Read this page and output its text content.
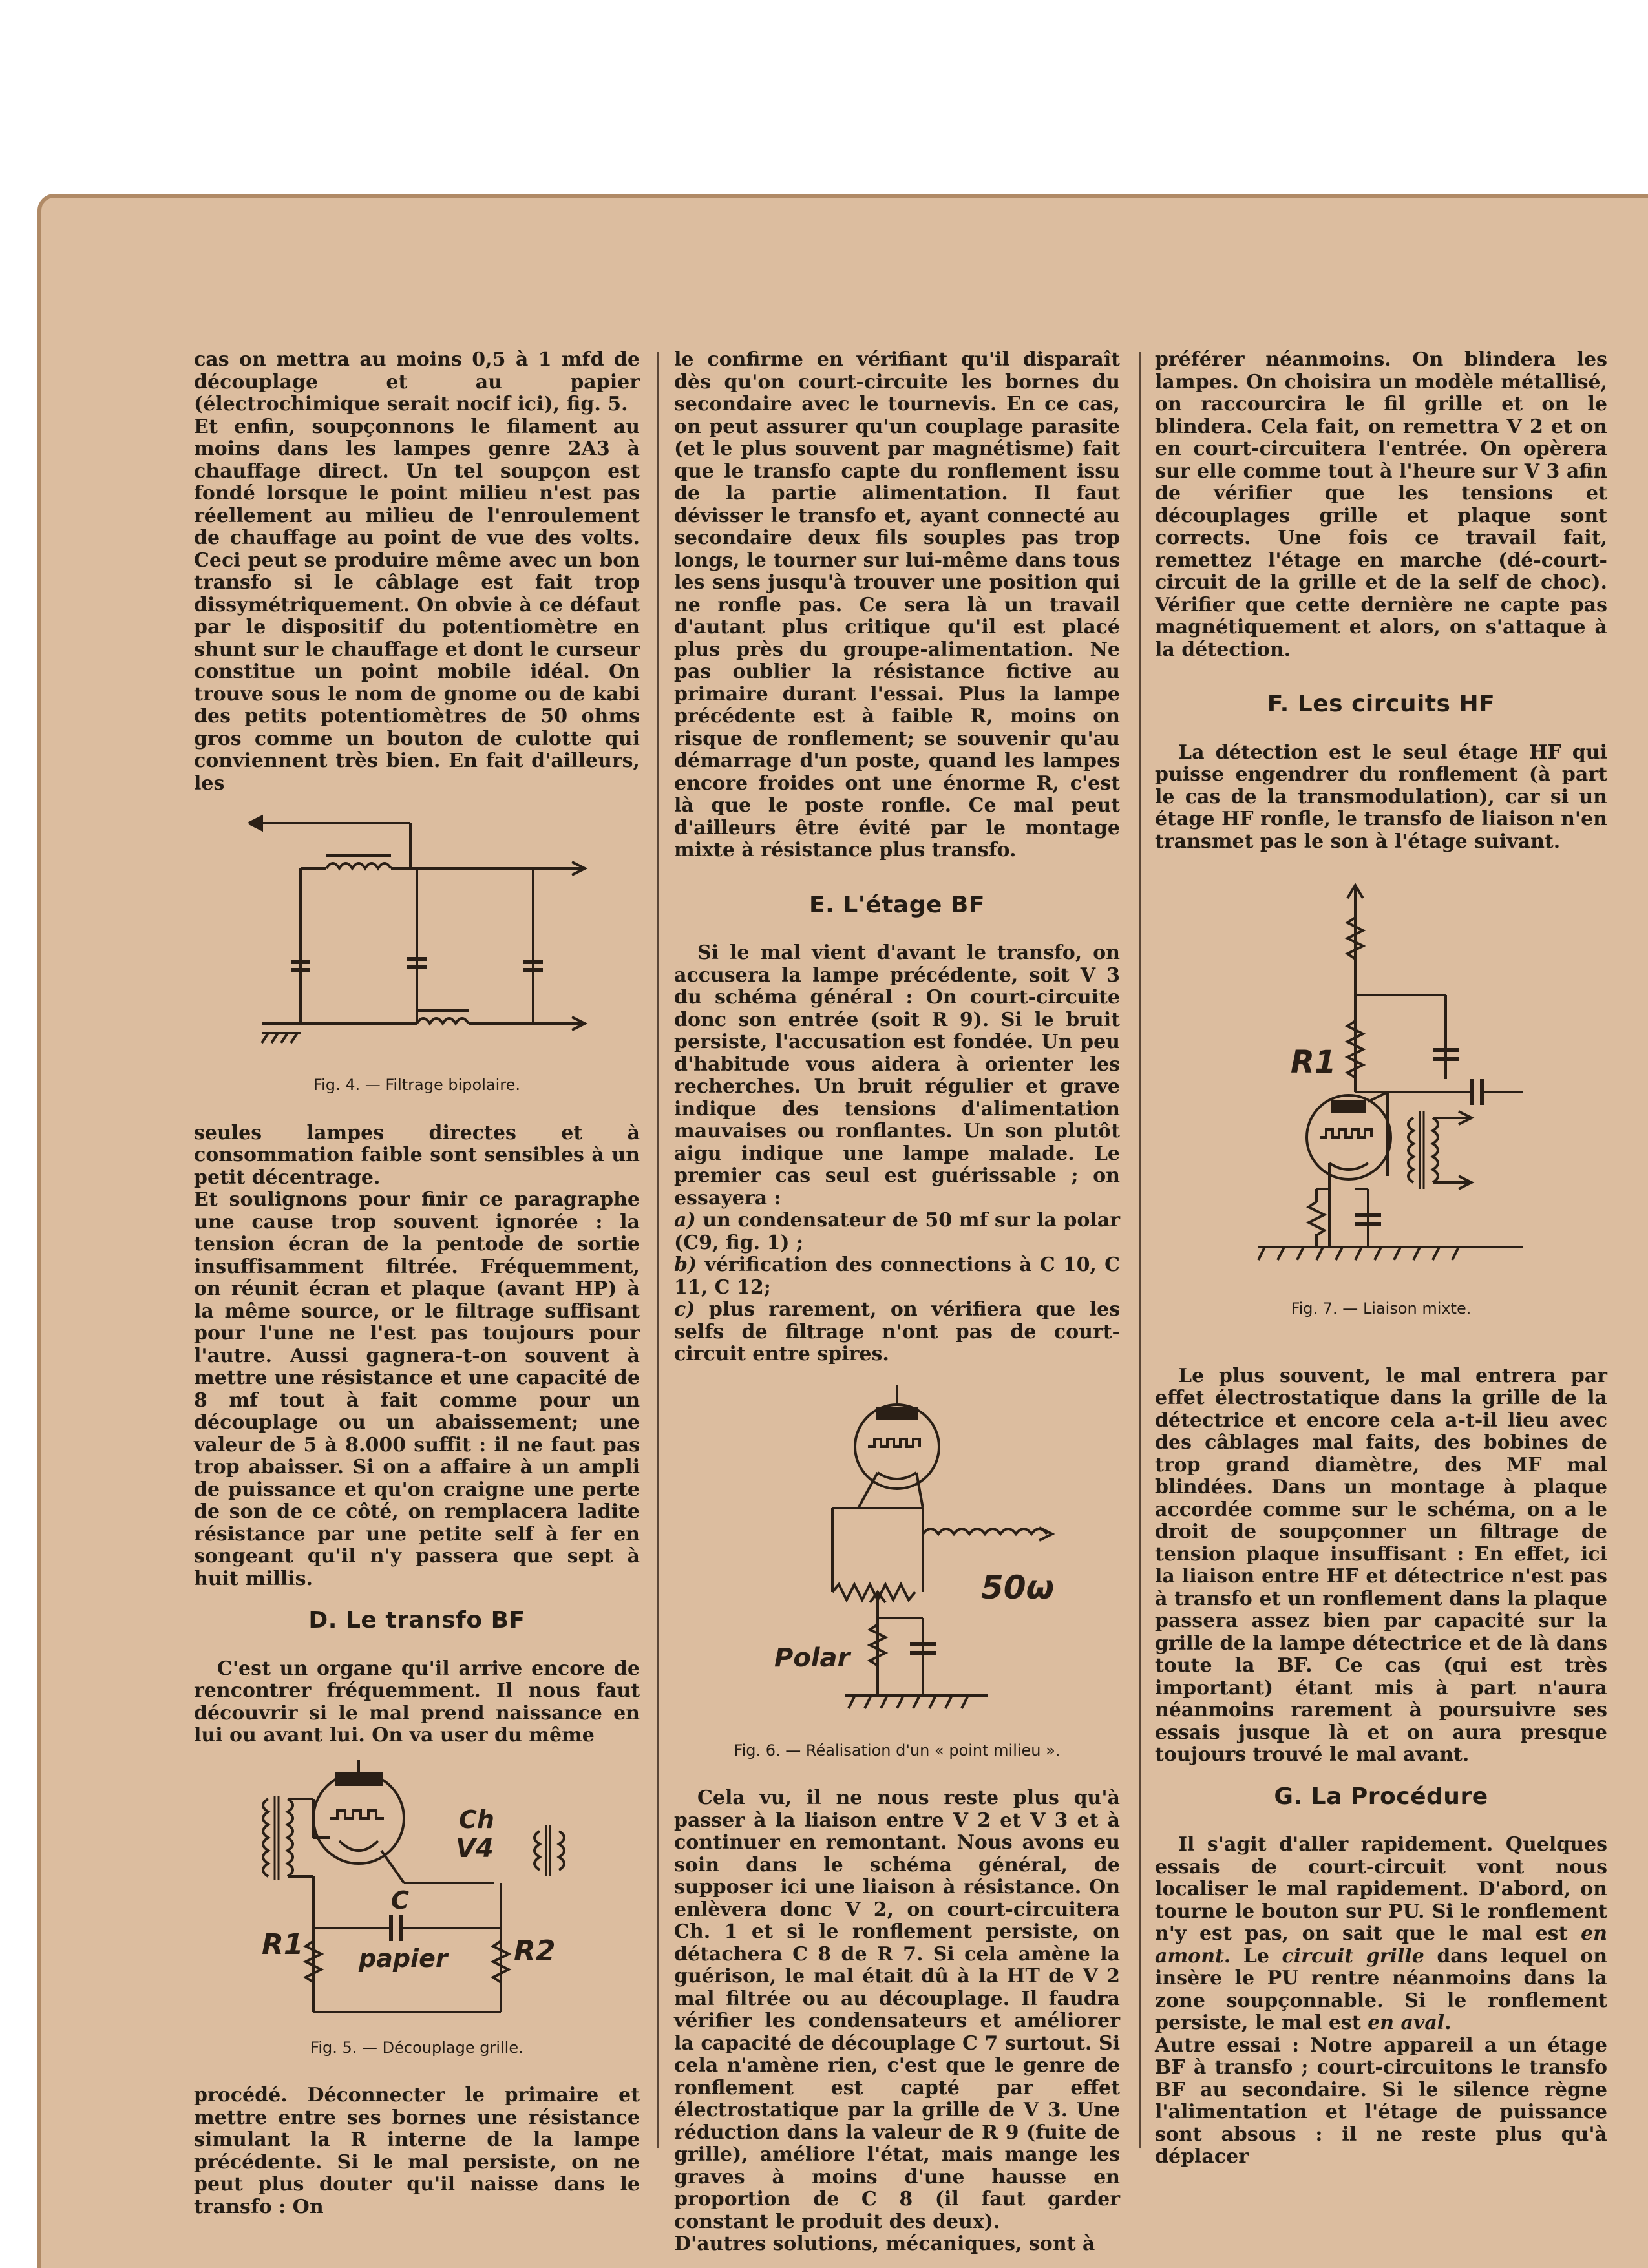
cas on mettra au moins 0,5 à 1 mfd de découplage et au papier (électrochimique serait nocif ici), fig. 5.

Et enfin, soupçonnons le filament au moins dans les lampes genre 2A3 à chauffage direct. Un tel soupçon est fondé lorsque le point milieu n'est pas réellement au milieu de l'enroulement de chauffage au point de vue des volts. Ceci peut se produire même avec un bon transfo si le câblage est fait trop dissymétriquement. On obvie à ce défaut par le dispositif du potentiomètre en shunt sur le chauffage et dont le curseur constitue un point mobile idéal. On trouve sous le nom de gnome ou de kabi des petits potentiomètres de 50 ohms gros comme un bouton de culotte qui conviennent très bien. En fait d'ailleurs, les

Fig. 4. — Filtrage bipolaire.

seules lampes directes et à consommation faible sont sensibles à un petit décentrage.

Et soulignons pour finir ce paragraphe une cause trop souvent ignorée : la tension écran de la pentode de sortie insuffisamment filtrée. Fréquemment, on réunit écran et plaque (avant HP) à la même source, or le filtrage suffisant pour l'une ne l'est pas toujours pour l'autre. Aussi gagnera-t-on souvent à mettre une résistance et une capacité de 8 mf tout à fait comme pour un découplage ou un abaissement; une valeur de 5 à 8.000 suffit : il ne faut pas trop abaisser. Si on a affaire à un ampli de puissance et qu'on craigne une perte de son de ce côté, on remplacera ladite résistance par une petite self à fer en songeant qu'il n'y passera que sept à huit millis.

D. Le transfo BF

C'est un organe qu'il arrive encore de rencontrer fréquemment. Il nous faut découvrir si le mal prend naissance en lui ou avant lui. On va user du même

R1	R2
C
papier
Ch
V4
Fig. 5. — Découplage grille.

procédé. Déconnecter le primaire et mettre entre ses bornes une résistance simulant la R interne de la lampe précédente. Si le mal persiste, on ne peut plus douter qu'il naisse dans le transfo : On

le confirme en vérifiant qu'il disparaît dès qu'on court-circuite les bornes du secondaire avec le tournevis. En ce cas, on peut assurer qu'un couplage parasite (et le plus souvent par magnétisme) fait que le transfo capte du ronflement issu de la partie alimentation. Il faut dévisser le transfo et, ayant connecté au secondaire deux fils souples pas trop longs, le tourner sur lui-même dans tous les sens jusqu'à trouver une position qui ne ronfle pas. Ce sera là un travail d'autant plus critique qu'il est placé plus près du groupe-alimentation. Ne pas oublier la résistance fictive au primaire durant l'essai. Plus la lampe précédente est à faible R, moins on risque de ronflement; se souvenir qu'au démarrage d'un poste, quand les lampes encore froides ont une énorme R, c'est là que le poste ronfle. Ce mal peut d'ailleurs être évité par le montage mixte à résistance plus transfo.

E. L'étage BF

Si le mal vient d'avant le transfo, on accusera la lampe précédente, soit V 3 du schéma général : On court-circuite donc son entrée (soit R 9). Si le bruit persiste, l'accusation est fondée. Un peu d'habitude vous aidera à orienter les recherches. Un bruit régulier et grave indique des tensions d'alimentation mauvaises ou ronflantes. Un son plutôt aigu indique une lampe malade. Le premier cas seul est guérissable ; on essayera :

a) un condensateur de 50 mf sur la polar (C9, fig. 1) ;

b) vérification des connections à C 10, C 11, C 12;

c) plus rarement, on vérifiera que les selfs de filtrage n'ont pas de court-circuit entre spires.

50ω
Polar
Fig. 6. — Réalisation d'un « point milieu ».

Cela vu, il ne nous reste plus qu'à passer à la liaison entre V 2 et V 3 et à continuer en remontant. Nous avons eu soin dans le schéma général, de supposer ici une liaison à résistance. On enlèvera donc V 2, on court-circuitera Ch. 1 et si le ronflement persiste, on détachera C 8 de R 7. Si cela amène la guérison, le mal était dû à la HT de V 2 mal filtrée ou au découplage. Il faudra vérifier les condensateurs et améliorer la capacité de découplage C 7 surtout. Si cela n'amène rien, c'est que le genre de ronflement est capté par effet électrostatique par la grille de V 3. Une réduction dans la valeur de R 9 (fuite de grille), améliore l'état, mais mange les graves à moins d'une hausse en proportion de C 8 (il faut garder constant le produit des deux).

D'autres solutions, mécaniques, sont à

préférer néanmoins. On blindera les lampes. On choisira un modèle métallisé, on raccourcira le fil grille et on le blindera. Cela fait, on remettra V 2 et on en court-circuitera l'entrée. On opèrera sur elle comme tout à l'heure sur V 3 afin de vérifier que les tensions et découplages grille et plaque sont corrects. Une fois ce travail fait, remettez l'étage en marche (dé-court-circuit de la grille et de la self de choc). Vérifier que cette dernière ne capte pas magnétiquement et alors, on s'attaque à la détection.

F. Les circuits HF

La détection est le seul étage HF qui puisse engendrer du ronflement (à part le cas de la transmodulation), car si un étage HF ronfle, le transfo de liaison n'en transmet pas le son à l'étage suivant.

R1
Fig. 7. — Liaison mixte.

Le plus souvent, le mal entrera par effet électrostatique dans la grille de la détectrice et encore cela a-t-il lieu avec des câblages mal faits, des bobines de trop grand diamètre, des MF mal blindées. Dans un montage à plaque accordée comme sur le schéma, on a le droit de soupçonner un filtrage de tension plaque insuffisant : En effet, ici la liaison entre HF et détectrice n'est pas à transfo et un ronflement dans la plaque passera assez bien par capacité sur la grille de la lampe détectrice et de là dans toute la BF. Ce cas (qui est très important) étant mis à part n'aura néanmoins rarement à poursuivre ses essais jusque là et on aura presque toujours trouvé le mal avant.

G. La Procédure

Il s'agit d'aller rapidement. Quelques essais de court-circuit vont nous localiser le mal rapidement. D'abord, on tourne le bouton sur PU. Si le ronflement n'y est pas, on sait que le mal est en amont. Le circuit grille dans lequel on insère le PU rentre néanmoins dans la zone soupçonnable. Si le ronflement persiste, le mal est en aval.

Autre essai : Notre appareil a un étage BF à transfo ; court-circuitons le transfo BF au secondaire. Si le silence règne l'alimentation et l'étage de puissance sont absous : il ne reste plus qu'à déplacer
